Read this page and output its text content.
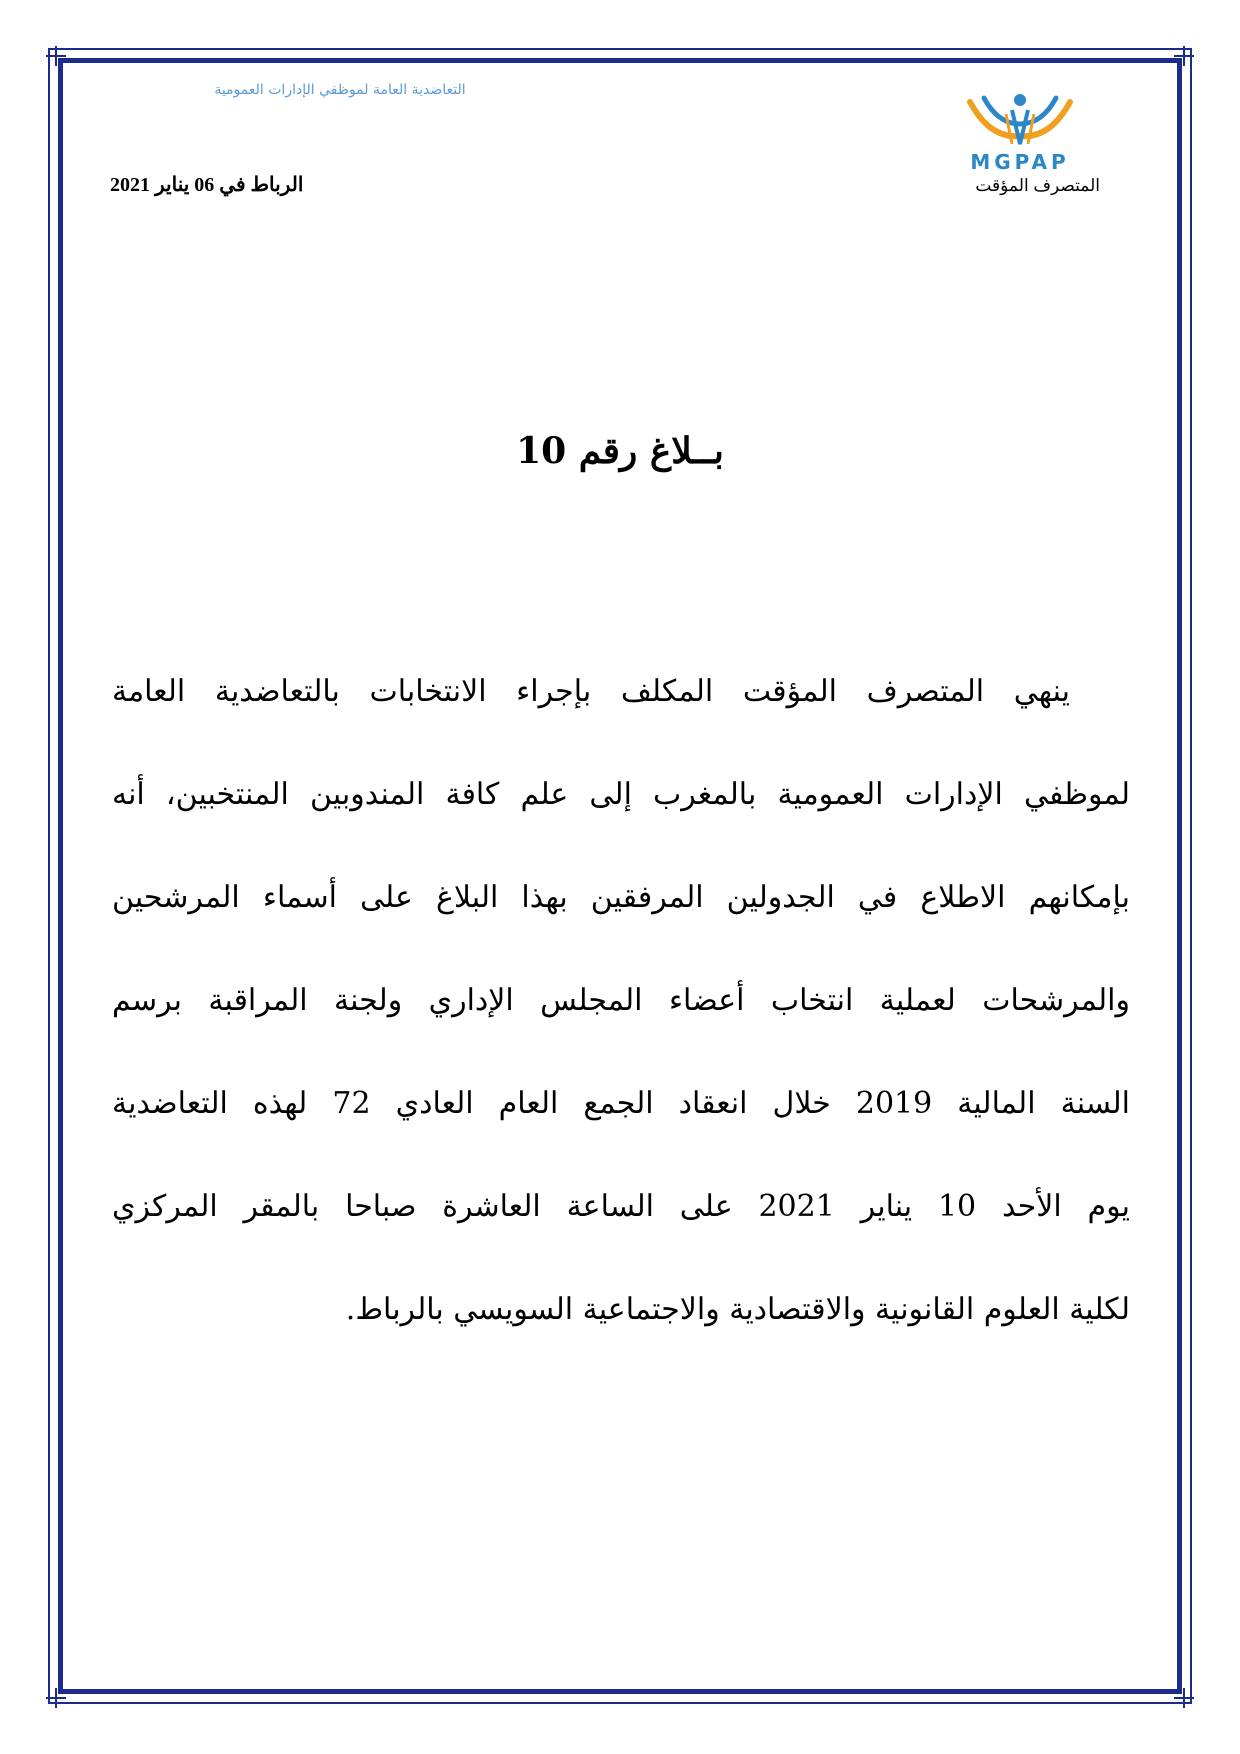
التعاضدية العامة لموظفي الإدارات العمومية
MGPAP
الرباط في 06 يناير 2021	المتصرف المؤقت
بــلاغ رقم 10
ينهي المتصرف المؤقت المكلف بإجراء الانتخابات بالتعاضدية العامة
لموظفي الإدارات العمومية بالمغرب إلى علم كافة المندوبين المنتخبين، أنه
بإمكانهم الاطلاع في الجدولين المرفقين بهذا البلاغ على أسماء المرشحين
والمرشحات لعملية انتخاب أعضاء المجلس الإداري ولجنة المراقبة برسم
السنة المالية 2019 خلال انعقاد الجمع العام العادي 72 لهذه التعاضدية
يوم الأحد 10 يناير 2021 على الساعة العاشرة صباحا بالمقر المركزي
لكلية العلوم القانونية والاقتصادية والاجتماعية السويسي بالرباط.
